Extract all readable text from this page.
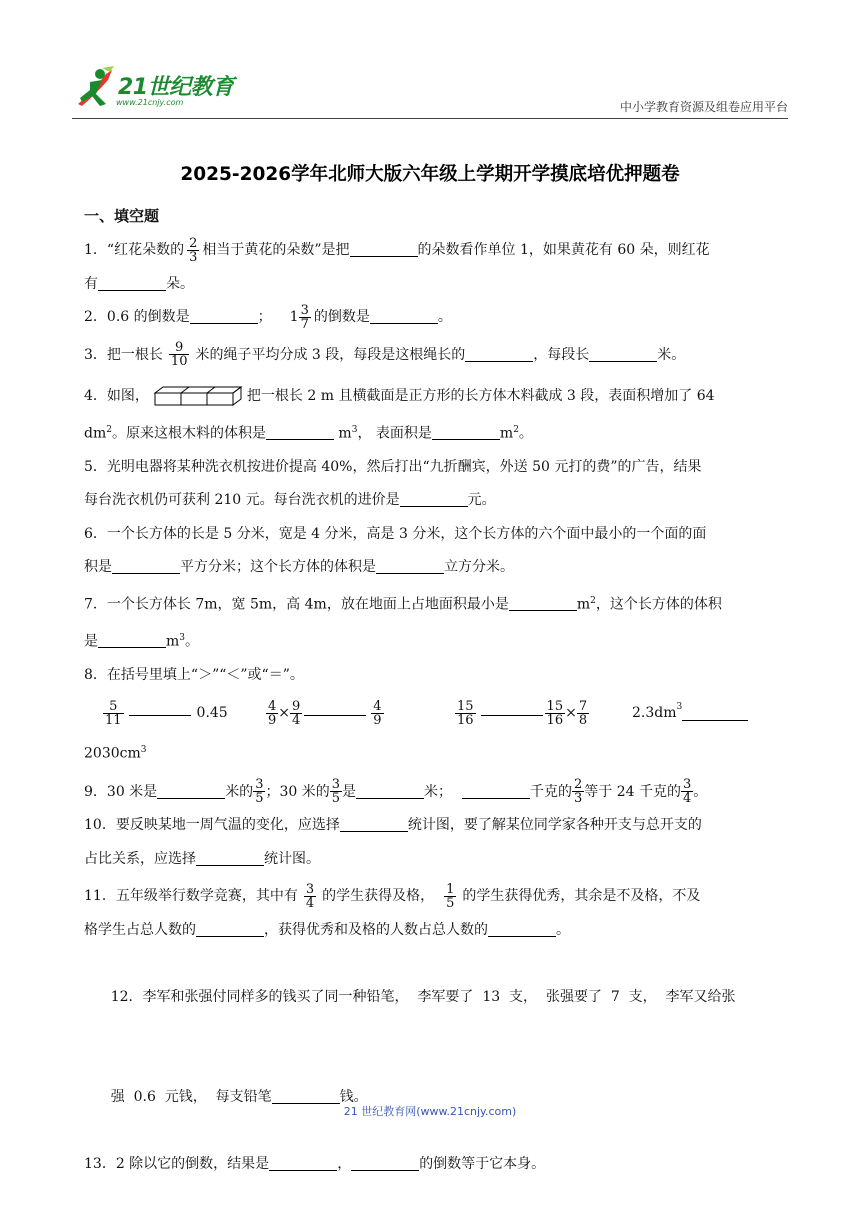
21世纪教育
www.21cnjy.com	中小学教育资源及组卷应用平台
2025-2026学年北师大版六年级上学期开学摸底培优押题卷
一、填空题
1．“红花朵数的 $\frac{2}{3}$ 相当于黄花的朵数”是把	的朵数看作单位 1，如果黄花有 60 朵，则红花
有	朵。
2．0.6 的倒数是	； $1 \frac{3}{7}$ 的倒数是	。
3．把一根长 $\frac{9}{10}$ 米的绳子平均分成 3 段，每段是这根绳长的	，每段长	米。
4．如图，	把一根长 2 m 且横截面是正方形的长方体木料截成 3 段，表面积增加了 64
$dm^2$。原来这根木料的体积是	$m^3$， 表面积是	$m^2$。
5．光明电器将某种洗衣机按进价提高 40%，然后打出“九折酬宾，外送 50 元打的费”的广告，结果
每台洗衣机仍可获利 210 元。每台洗衣机的进价是	元。
6．一个长方体的长是 5 分米，宽是 4 分米，高是 3 分米，这个长方体的六个面中最小的一个面的面
积是	平方分米；这个长方体的体积是	立方分米。
7．一个长方体长 7m，宽 5m，高 4m，放在地面上占地面积最小是	$m^2$，这个长方体的体积
是	$m^3$。
8．在括号里填上“＞”“＜”或“＝”。
$\frac{5}{11}$	0.45	$\frac{4}{9} \times \frac{9}{4}$	$\frac{4}{9}$	$\frac{15}{16}$	$\frac{15}{16} \times \frac{7}{8}$	$2.3dm^3$
$2030cm^3$
9．30 米是	米的 $\frac{3}{5}$ ；30 米的 $\frac{3}{5}$ 是	米；	千克的 $\frac{2}{3}$ 等于 24 千克的 $\frac{3}{4}$ 。
10．要反映某地一周气温的变化，应选择	统计图，要了解某位同学家各种开支与总开支的
占比关系，应选择	统计图。
11．五年级举行数学竞赛，其中有 $\frac{3}{4}$ 的学生获得及格， $\frac{1}{5}$ 的学生获得优秀，其余是不及格，不及
格学生占总人数的	，获得优秀和及格的人数占总人数的	。

12．李军和张强付同样多的钱买了同一种铅笔，  李军要了  13  支，  张强要了  7  支，  李军又给张

强  0.6  元钱，  每支铅笔	钱。

13．2 除以它的倒数，结果是	，	的倒数等于它本身。
21 世纪教育网(www.21cnjy.com)
